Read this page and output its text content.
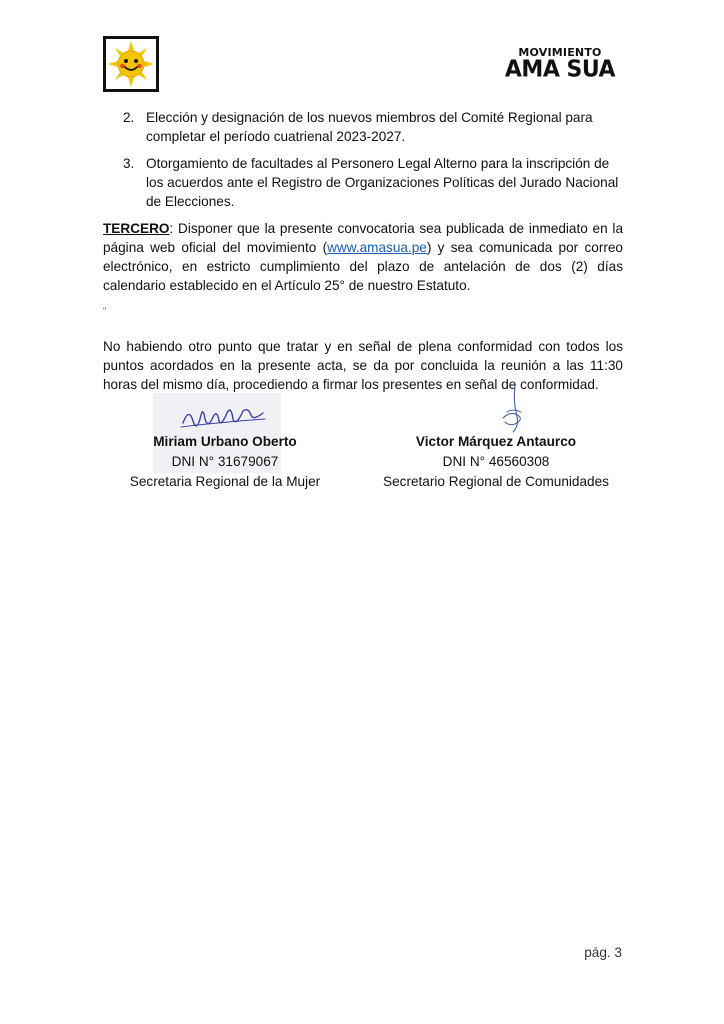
MOVIMIENTO
AMA SUA
2. Elección y designación de los nuevos miembros del Comité Regional para completar el período cuatrienal 2023-2027.
3. Otorgamiento de facultades al Personero Legal Alterno para la inscripción de los acuerdos ante el Registro de Organizaciones Políticas del Jurado Nacional de Elecciones.

TERCERO: Disponer que la presente convocatoria sea publicada de inmediato en la página web oficial del movimiento (www.amasua.pe) y sea comunicada por correo electrónico, en estricto cumplimiento del plazo de antelación de dos (2) días calendario establecido en el Artículo 25° de nuestro Estatuto.

"

No habiendo otro punto que tratar y en señal de plena conformidad con todos los puntos acordados en la presente acta, se da por concluida la reunión a las 11:30 horas del mismo día, procediendo a firmar los presentes en señal de conformidad.

Miriam Urbano Oberto
DNI N° 31679067
Secretaria Regional de la Mujer
Victor Márquez Antaurco
DNI N° 46560308
Secretario Regional de Comunidades
pág. 3
